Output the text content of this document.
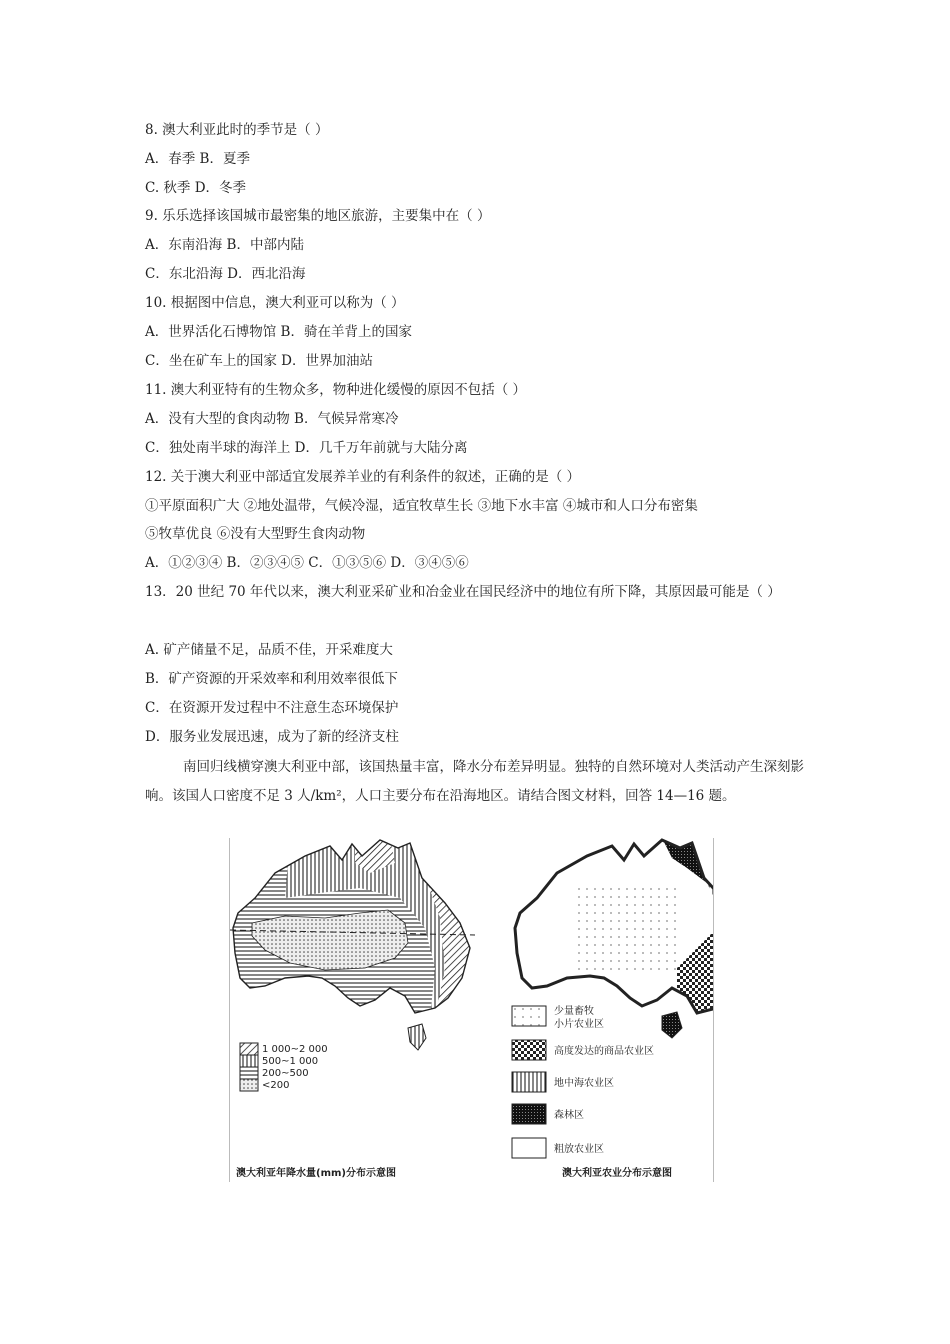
8. 澳大利亚此时的季节是（ ）
A．春季 B．夏季
C. 秋季 D．冬季
9. 乐乐选择该国城市最密集的地区旅游，主要集中在（ ）
A．东南沿海 B．中部内陆
C．东北沿海 D．西北沿海
10. 根据图中信息，澳大利亚可以称为（ ）
A．世界活化石博物馆 B．骑在羊背上的国家
C．坐在矿车上的国家 D．世界加油站
11. 澳大利亚特有的生物众多，物种进化缓慢的原因不包括（ ）
A．没有大型的食肉动物 B．气候异常寒冷
C．独处南半球的海洋上 D．几千万年前就与大陆分离
12. 关于澳大利亚中部适宜发展养羊业的有利条件的叙述，正确的是（ ）
①平原面积广大 ②地处温带，气候冷湿，适宜牧草生长 ③地下水丰富 ④城市和人口分布密集
⑤牧草优良 ⑥没有大型野生食肉动物
A．①②③④ B．②③④⑤ C．①③⑤⑥ D．③④⑤⑥
13．20 世纪 70 年代以来，澳大利亚采矿业和冶金业在国民经济中的地位有所下降，其原因最可能是（ ）
A. 矿产储量不足，品质不佳，开采难度大
B．矿产资源的开采效率和利用效率很低下
C．在资源开发过程中不注意生态环境保护
D．服务业发展迅速，成为了新的经济支柱
南回归线横穿澳大利亚中部，该国热量丰富，降水分布差异明显。独特的自然环境对人类活动产生深刻影响。该国人口密度不足 3 人/km²，人口主要分布在沿海地区。请结合图文材料，回答 14—16 题。
1 000~2 000
500~1 000
200~500
<200
澳大利亚年降水量(mm)分布示意图
少量畜牧
小片农业区
高度发达的商品农业区
地中海农业区
森林区
粗放农业区
澳大利亚农业分布示意图
